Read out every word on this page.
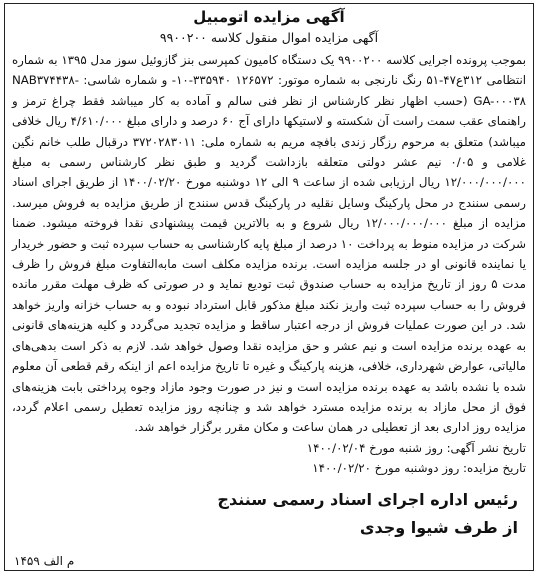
آگهی مزایده اتومبیل

آگهی مزایده اموال منقول کلاسه ۹۹۰۰۲۰۰

بموجب پرونده اجرایی کلاسه ۹۹۰۰۲۰۰ یک دستگاه کامیون کمپرسی بنز گازوئیل سوز مدل ۱۳۹۵ به شماره انتظامی ۳۱۲ع۴۷-۵۱ رنگ نارنجی به شماره موتور: ۱۲۶۵۷۲ ۳۳۵۹۴۰-۱۰- و شماره شاسی: NAB۳۷۴۴۳۸-GA-۰۰۰۳۸ (حسب اظهار نظر کارشناس از نظر فنی سالم و آماده به کار میباشد فقط چراغ ترمز و راهنمای عقب سمت راست آن شکسته و لاستیکها دارای آج ۶۰ درصد و دارای مبلغ ۴/۶۱۰/۰۰۰ ریال خلافی میباشد) متعلق به مرحوم رزگار زندی بافچه مریم به شماره ملی: ۳۷۲۰۲۸۳۰۱۱ درقبال طلب خانم نگین غلامی و ۰/۰۵ نیم عشر دولتی متعلقه بازداشت گردید و طبق نظر کارشناس رسمی به مبلغ ۱۲/۰۰۰/۰۰۰/۰۰۰ ریال ارزیابی شده از ساعت ۹ الی ۱۲ دوشنبه مورخ ۱۴۰۰/۰۲/۲۰ از طریق اجرای اسناد رسمی سنندج در محل پارکینگ وسایل نقلیه در پارکینگ قدس سنندج از طریق مزایده به فروش میرسد. مزایده از مبلغ ۱۲/۰۰۰/۰۰۰/۰۰۰ ریال شروع و به بالاترین قیمت پیشنهادی نقدا فروخته میشود. ضمنا شرکت در مزایده منوط به پرداخت ۱۰ درصد از مبلغ پایه کارشناسی به حساب سپرده ثبت و حضور خریدار یا نماینده قانونی او در جلسه مزایده است. برنده مزایده مکلف است مابه‌التفاوت مبلغ فروش را ظرف مدت ۵ روز از تاریخ مزایده به حساب صندوق ثبت تودیع نماید و در صورتی که ظرف مهلت مقرر مانده فروش را به حساب سپرده ثبت واریز نکند مبلغ مذکور قابل استرداد نبوده و به حساب خزانه واریز خواهد شد. در این صورت عملیات فروش از درجه اعتبار ساقط و مزایده تجدید می‌گردد و کلیه هزینه‌های قانونی به عهده برنده مزایده است و نیم عشر و حق مزایده نقدا وصول خواهد شد. لازم به ذکر است بدهی‌های مالیاتی، عوارض شهرداری، خلافی، هزینه پارکینگ و غیره تا تاریخ مزایده اعم از اینکه رقم قطعی آن معلوم شده یا نشده باشد به عهده برنده مزایده است و نیز در صورت وجود مازاد وجوه پرداختی بابت هزینه‌های فوق از محل مازاد به برنده مزایده مسترد خواهد شد و چنانچه روز مزایده تعطیل رسمی اعلام گردد، مزایده روز اداری بعد از تعطیلی در همان ساعت و مکان مقرر برگزار خواهد شد.

تاریخ نشر آگهی: روز شنبه مورخ ۱۴۰۰/۰۲/۰۴

تاریخ مزایده: روز دوشنبه مورخ ۱۴۰۰/۰۲/۲۰

رئیس اداره اجرای اسناد رسمی سنندج

از طرف شیوا وجدی

م الف ۱۴۵۹
